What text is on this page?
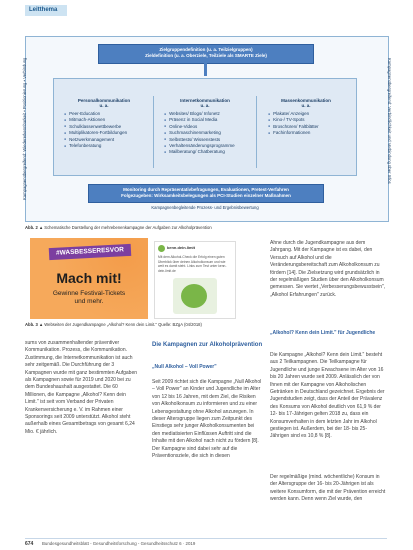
Leitthema
Kampagnenübergreifend: Wiedererkennbarkeit • Positionierung • Verbindung	Kampagnenübergreifend: Verbindlichkeit und Verbindung über Infos
Zielgruppendefinition (u. a. Teilzielgruppen)
Zieldefinition (u. a. Oberziele, Teilziele als SMARTE Ziele)
Personalkommunikation
u. a.
● Peer-Education
● Mitmach-Aktionen
● Schulklassenwettbewerbe
● Multiplikatoren-Fortbildungen
● Netzwerkmanagement
● Telefonberatung
Internetkommunikation
u. a.
● Websites/ Blogs/ Infonetz
● Präsenz in Social Media
● Online-Videos
● Suchmaschinenmarketing
● Selbsttests/ Wissenstests
● Verhaltensänderungsprogramme
● Mailberatung/ Chatberatung
Massenkommunikation
u. a.
● Plakate/ Anzeigen
● Kino-/ TV-Spots
● Broschüren/ Faltblätter
● Fachinformationen
Monitoring durch Repräsentativbefragungen, Evaluationen, Pretest-Verfahren
Folgezugeben: Wirksamkeitsbelegungen als PCI-Studien einzelner Maßnahmen
Kampagnenbegleitende Prozess- und Ergebnisbewertung
Abb. 2 ▲ Schematische Darstellung der mehrebenenkampagne der Aufgaben zur Alkoholprävention
#WASBESSERESVOR
Mach mit!
Gewinne Festival-Tickets
und mehr.
kenn.dein.limit
Mit dem Alkohol-Check die Erfolg einen guten Überblick über deinen Alkoholkonsum und wie weit es damit steht. Links zum Test unter kenn-dein-limit.de
Abb. 3 ▲ Webseiten der Jugendkampagne „Alkohol? Kenn dein Limit." Quelle: BZgA (04/2018)
Ahne durch die Jugendkampagne aus dem Jahrgang. Mit der Kampagne ist es dabei, den Versuch auf Alkohol und die Veränderungsbereitschaft zum Alkoholkonsum zu fördern [14]. Die Zielsetzung wird grundsätzlich in der regelmäßigen Studien über den Alkoholkonsum gemessen. Sie wertet „Verbesserungsbewusstsein", „Alkohol Erfahrungen" zurück.
„Alkohol? Kenn dein Limit." für Jugendliche
Die Kampagne „Alkohol? Kenn dein Limit." besteht aus 2 Teilkampagnen. Die Teilkampagne für Jugendliche und junge Erwachsene im Alter von 16 bis 20 Jahren wurde seit 2009. Anlässlich der von Ihnen mit der Kampagne von Alkoholischen Getränken in Deutschland gezeichnet. Ergebnis der Jugendstudien zeigt, dass der Anteil der Prävalenz des Konsums von Alkohol deutlich von 61,9 % der 12- bis 17-Jährigen gelten 2018 zu, dass ein Konsumverhalten in dem letzten Jahr im Alkohol gestiegen ist. Außerdem, bei der 18- bis 25-Jährigen sind es 10,8 % [8].
Der regelmäßige (mind. wöchentliche) Konsum in der Altersgruppe der 16- bis 20-Jährigen ist als weitere Konsumform, die mit der Prävention erreicht werden kann. Denn wenn Ziel wurde, den
sums von zusammenhaltender präventiver Kommunikation. Prozess, die Kommunikation. Zustimmung, die Internetkommunikation ist auch sehr zeitgemäß. Die Durchführung der 3 Kampagnen wurde mit ganz bestimmten Aufgaben als Kampagnen sowie für 2019 und 2020 bei zu dem Bundeshaushalt ausgestattet. Die 60 Millionen, die Kampagne „Alkohol? Kenn dein Limit." ist seit vom Verband der Privaten Krankenversicherung e. V. im Rahmen einer Sponsorings seit 2009 unterstützt. Alkohol steht außerhalb eines Gesamtbetrags von gesamt 6,24 Mio. € jährlich.
Die Kampagnen zur Alkoholprävention
„Null Alkohol – Voll Power"
Seit 2009 richtet sich die Kampagne „Null Alkohol – Voll Power" an Kinder und Jugendliche im Alter von 12 bis 16 Jahren, mit dem Ziel, die Risiken von Alkoholkonsum zu informieren und zu einer Lebensgestaltung ohne Alkohol anzuregen. In dieser Altersgruppe liegen zum Zeitpunkt des Einstiegs sehr junger Alkoholkonsumenten bei den mediatisierten Einflüssen Auftritt sind die Inhalte mit den Alkohol nach nicht zu fördern [8]. Der Kampagne sind dabei sehr auf die Präventionsziele, die sich in diesen
674 Bundesgesundheitsblatt - Gesundheitsforschung - Gesundheitsschutz 6 · 2019
